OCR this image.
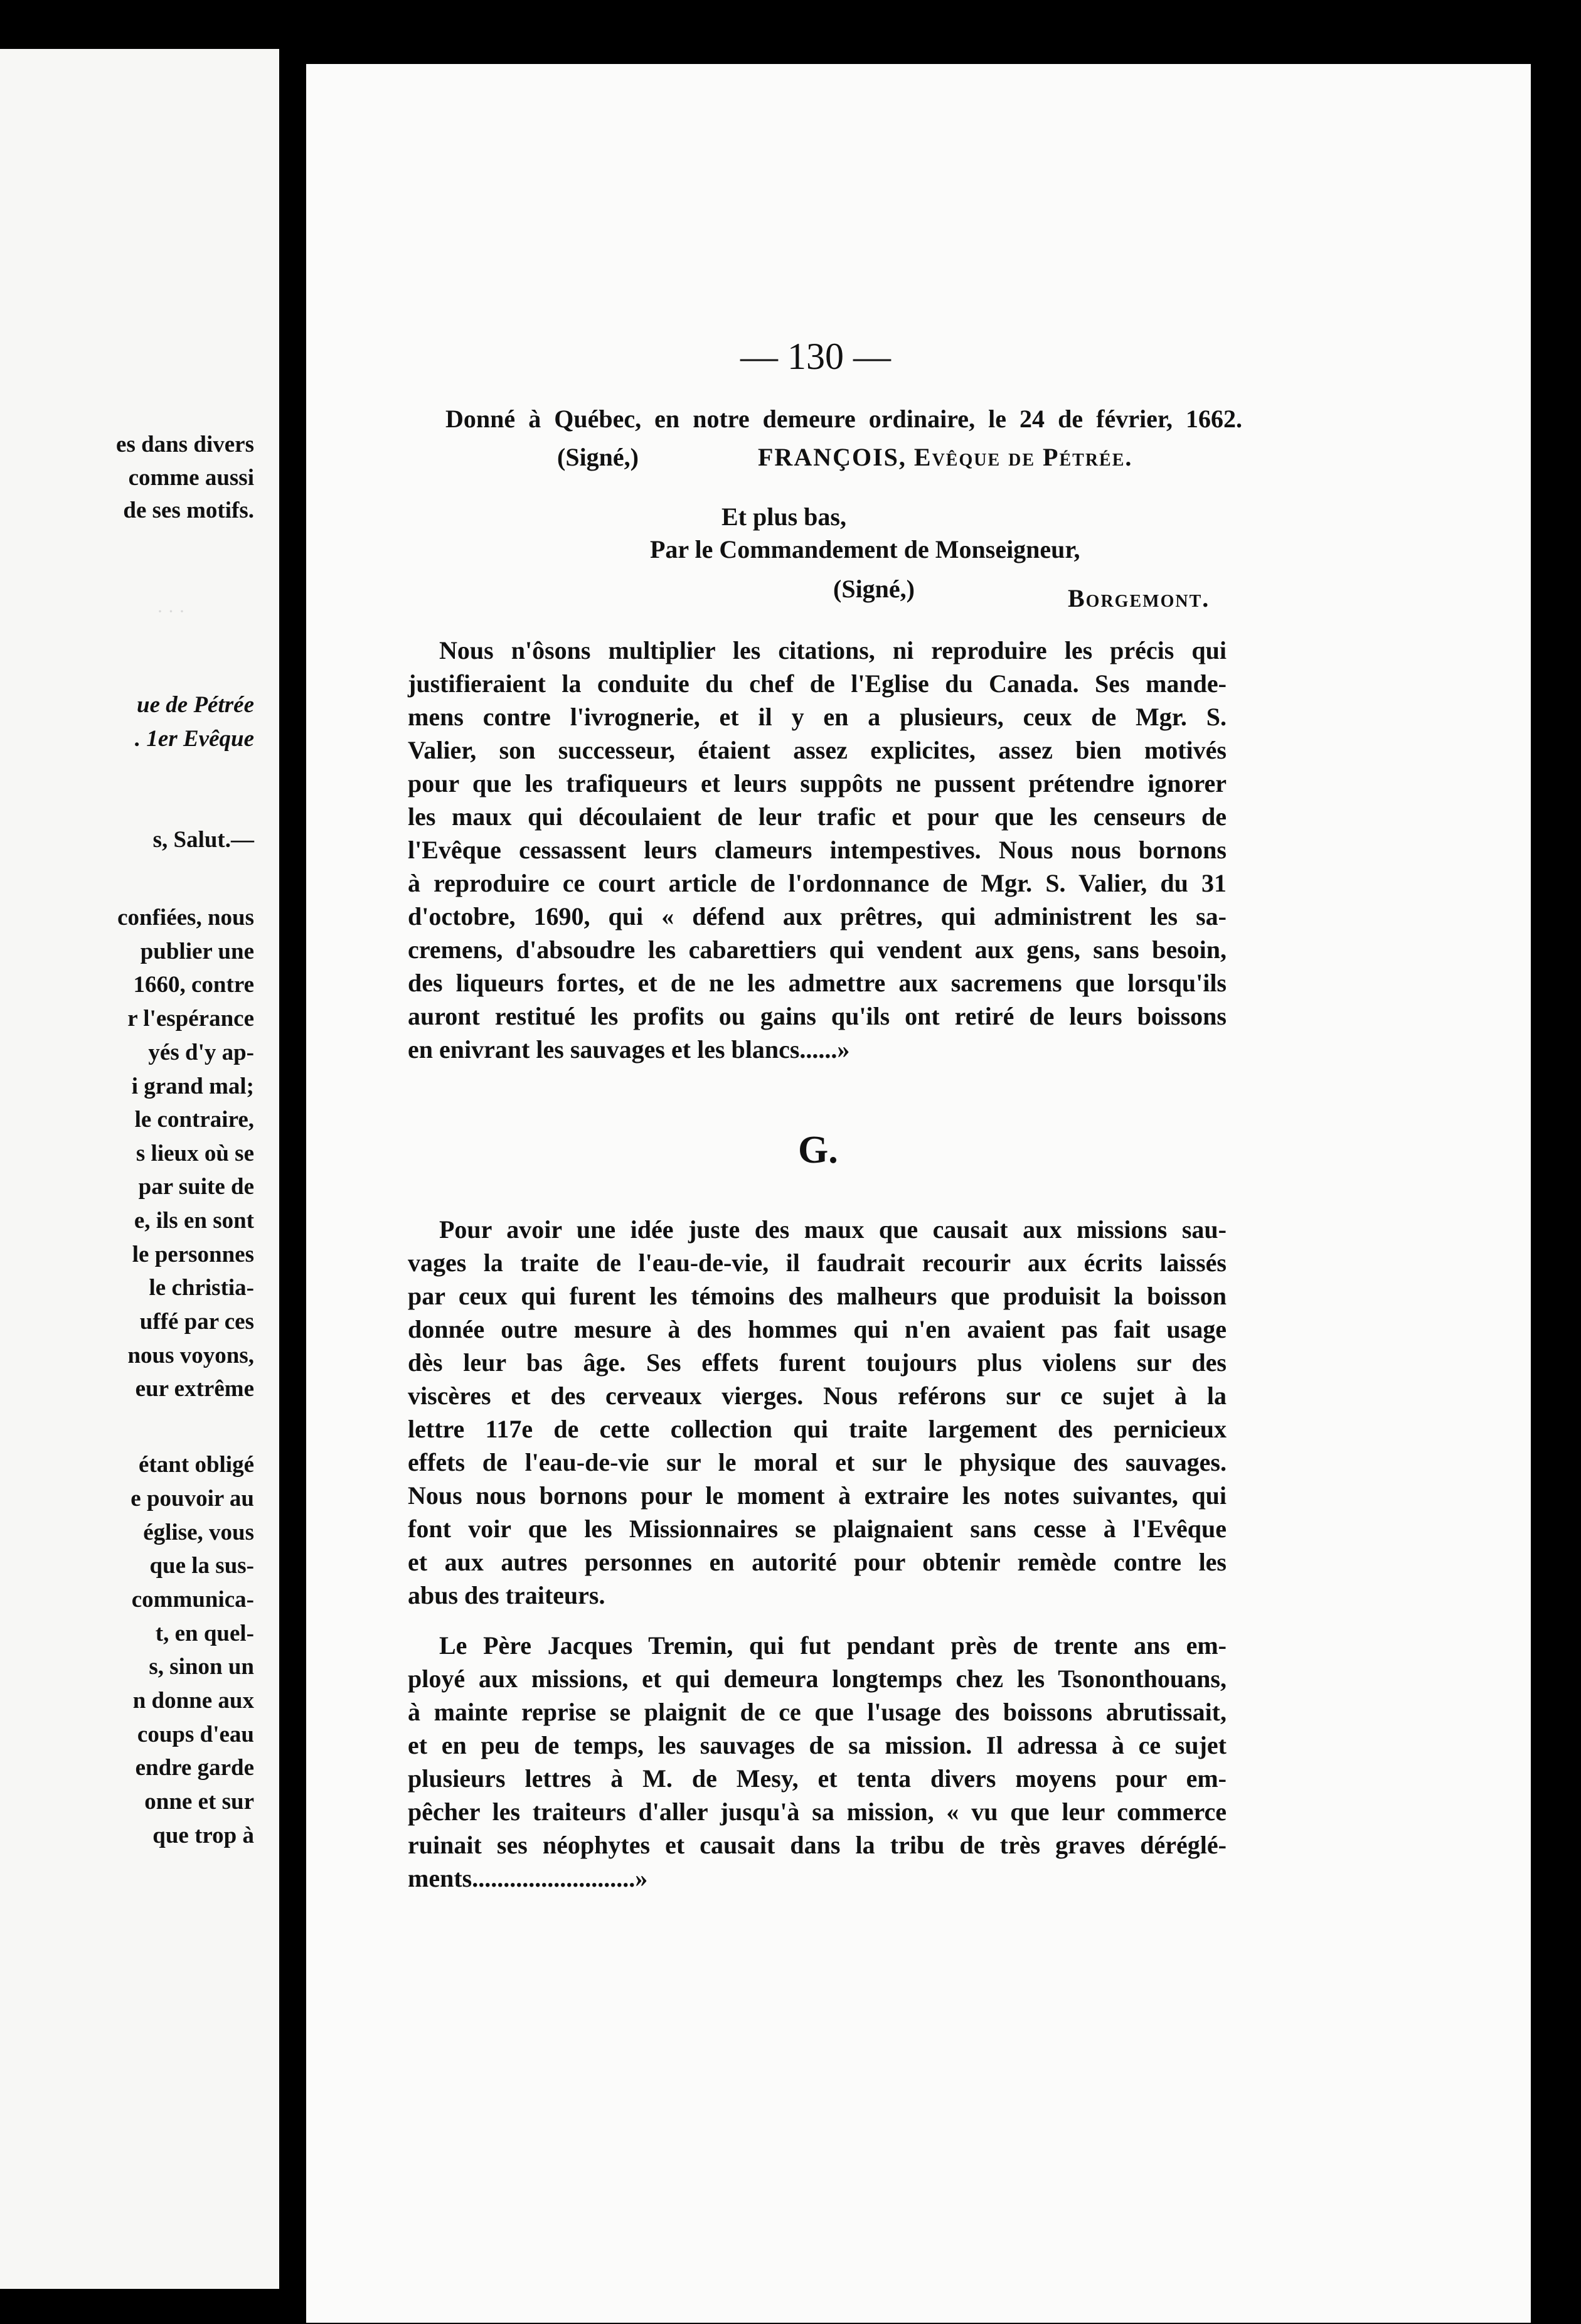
· · ·
es dans divers
comme aussi
de ses motifs.
ue de Pétrée
. 1er Evêque
s, Salut.—
confiées, nous
publier une
1660, contre
r l'espérance
yés d'y ap-
i grand mal;
le contraire,
s lieux où se
par suite de
e, ils en sont
le personnes
le christia-
uffé par ces
nous voyons,
eur extrême
étant obligé
e pouvoir au
église, vous
que la sus-
communica-
t, en quel-
s, sinon un
n donne aux
coups d'eau
endre garde
onne et sur
que trop à
— 130 —
Donné à Québec, en notre demeure ordinaire, le 24 de février, 1662.
(Signé,)	FRANÇOIS, Evêque de Pétrée.
Et plus bas,
Par le Commandement de Monseigneur,
(Signé,)	Borgemont.
Nous n'ôsons multiplier les citations, ni reproduire les précis qui
justifieraient la conduite du chef de l'Eglise du Canada. Ses mande-
mens contre l'ivrognerie, et il y en a plusieurs, ceux de Mgr. S.
Valier, son successeur, étaient assez explicites, assez bien motivés
pour que les trafiqueurs et leurs suppôts ne pussent prétendre ignorer
les maux qui découlaient de leur trafic et pour que les censeurs de
l'Evêque cessassent leurs clameurs intempestives. Nous nous bornons
à reproduire ce court article de l'ordonnance de Mgr. S. Valier, du 31
d'octobre, 1690, qui « défend aux prêtres, qui administrent les sa-
cremens, d'absoudre les cabarettiers qui vendent aux gens, sans besoin,
des liqueurs fortes, et de ne les admettre aux sacremens que lorsqu'ils
auront restitué les profits ou gains qu'ils ont retiré de leurs boissons
en enivrant les sauvages et les blancs......»
G.
Pour avoir une idée juste des maux que causait aux missions sau-
vages la traite de l'eau-de-vie, il faudrait recourir aux écrits laissés
par ceux qui furent les témoins des malheurs que produisit la boisson
donnée outre mesure à des hommes qui n'en avaient pas fait usage
dès leur bas âge. Ses effets furent toujours plus violens sur des
viscères et des cerveaux vierges. Nous reférons sur ce sujet à la
lettre 117e de cette collection qui traite largement des pernicieux
effets de l'eau-de-vie sur le moral et sur le physique des sauvages.
Nous nous bornons pour le moment à extraire les notes suivantes, qui
font voir que les Missionnaires se plaignaient sans cesse à l'Evêque
et aux autres personnes en autorité pour obtenir remède contre les
abus des traiteurs.
Le Père Jacques Tremin, qui fut pendant près de trente ans em-
ployé aux missions, et qui demeura longtemps chez les Tsononthouans,
à mainte reprise se plaignit de ce que l'usage des boissons abrutissait,
et en peu de temps, les sauvages de sa mission. Il adressa à ce sujet
plusieurs lettres à M. de Mesy, et tenta divers moyens pour em-
pêcher les traiteurs d'aller jusqu'à sa mission, « vu que leur commerce
ruinait ses néophytes et causait dans la tribu de très graves déréglé-
ments..........................»
